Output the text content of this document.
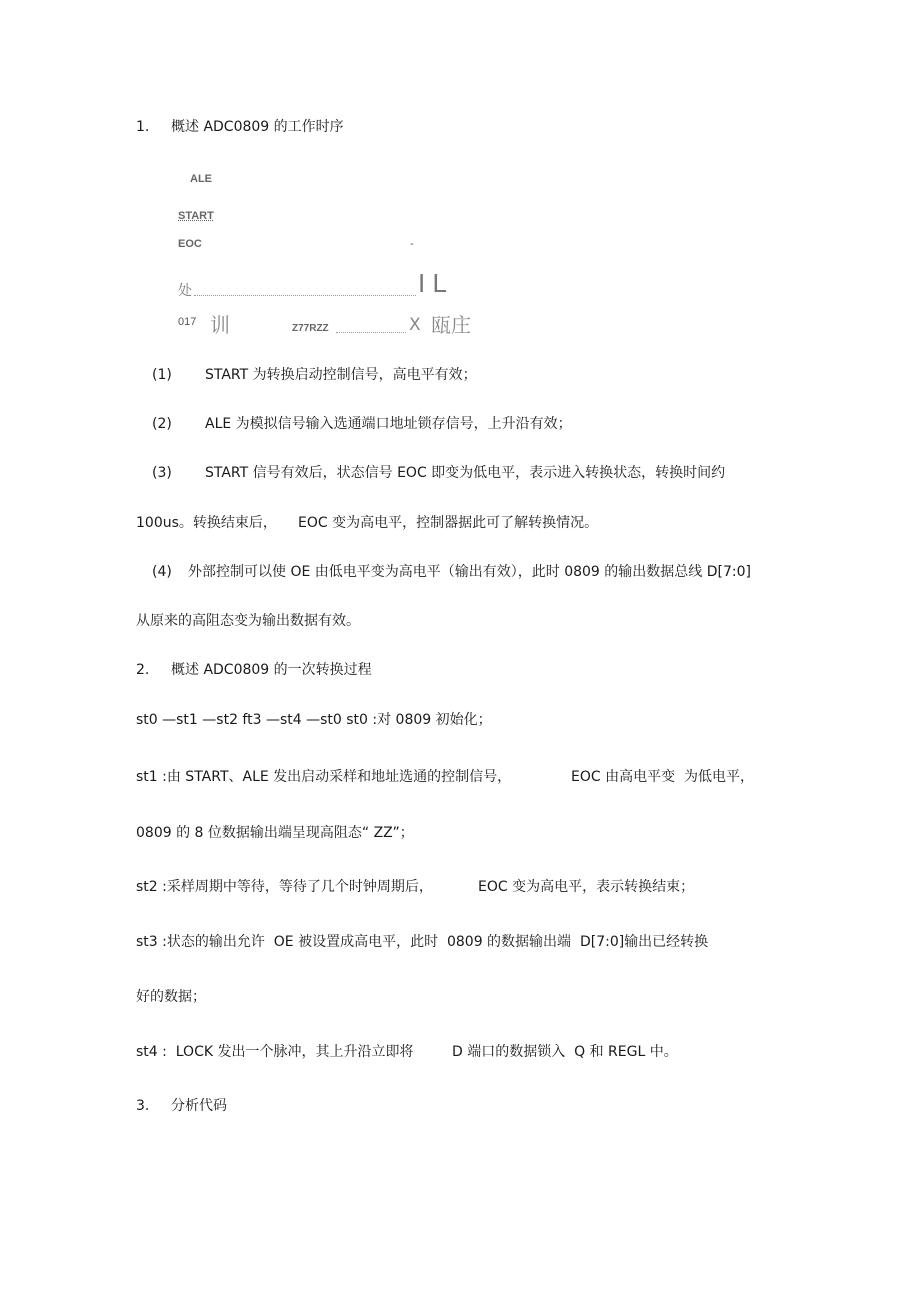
1. 概述 ADC0809 的工作时序
ALE
START
EOC	-
处	I L
017 训	Z77RZZ	X 瓯庄
(1) START 为转换启动控制信号，高电平有效；
(2) ALE 为模拟信号输入选通端口地址锁存信号，上升沿有效；
(3) START 信号有效后，状态信号 EOC 即变为低电平，表示进入转换状态，转换时间约
100us。转换结束后， EOC 变为高电平，控制器据此可了解转换情况。
(4) 外部控制可以使 OE 由低电平变为高电平（输出有效），此时 0809 的输出数据总线 D[7:0]
从原来的高阻态变为输出数据有效。
2. 概述 ADC0809 的一次转换过程
st0 —st1 —st2 ft3 —st4 —st0 st0 :对 0809 初始化；
st1 :由 START、ALE 发出启动采样和地址选通的控制信号，	EOC 由高电平变  为低电平，
0809 的 8 位数据输出端呈现高阻态“ ZZ”；
st2 :采样周期中等待，等待了几个时钟周期后，	EOC 变为高电平，表示转换结束；
st3 :状态的输出允许  OE 被设置成高电平，此时  0809 的数据输出端  D[7:0]输出已经转换
好的数据；
st4 :  LOCK 发出一个脉冲，其上升沿立即将	D 端口的数据锁入  Q 和 REGL 中。
3. 分析代码
